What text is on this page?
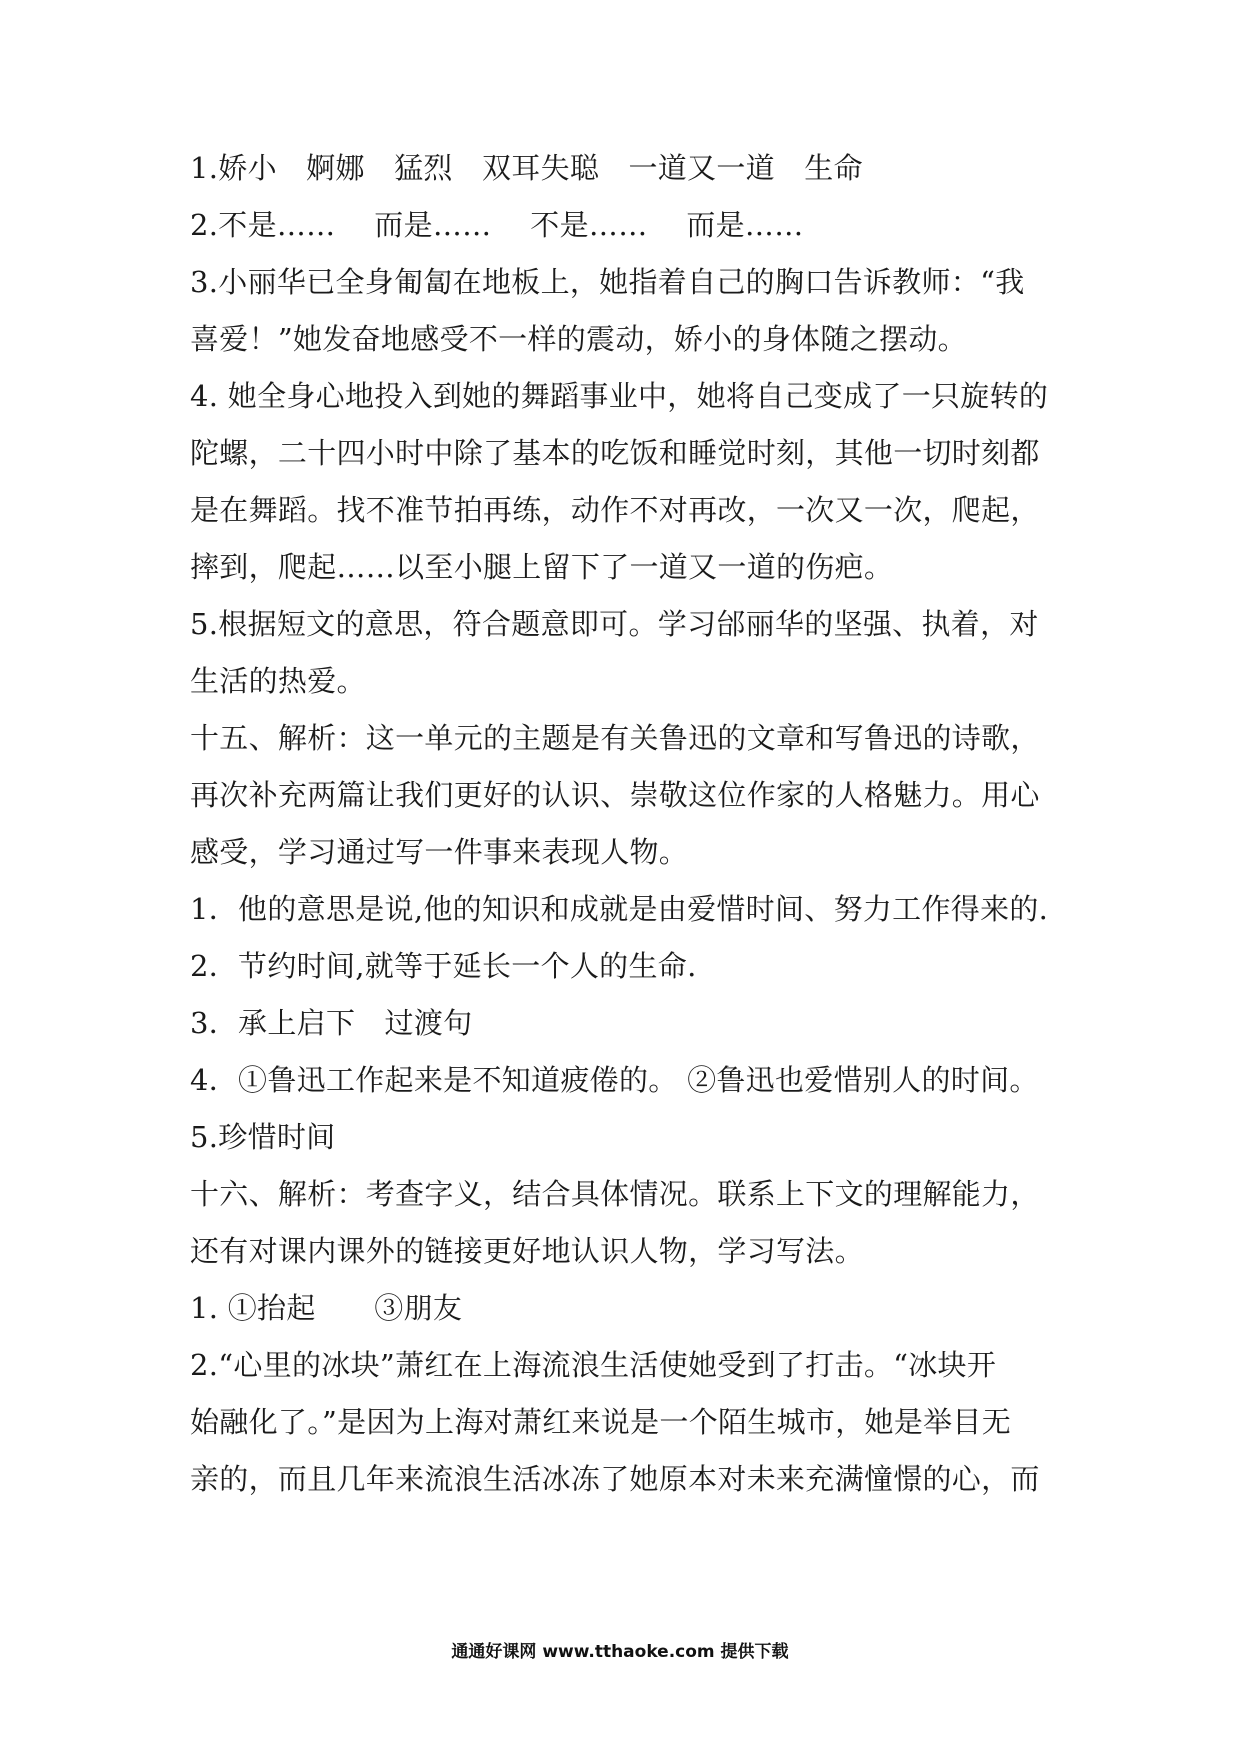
1.娇小　婀娜　猛烈　双耳失聪　一道又一道　生命
2.不是……　 而是……　 不是……　 而是……
3.小丽华已全身匍匐在地板上，她指着自己的胸口告诉教师：“我
喜爱！”她发奋地感受不一样的震动，娇小的身体随之摆动。
4. 她全身心地投入到她的舞蹈事业中，她将自己变成了一只旋转的
陀螺，二十四小时中除了基本的吃饭和睡觉时刻，其他一切时刻都
是在舞蹈。找不准节拍再练，动作不对再改，一次又一次，爬起，
摔到，爬起……以至小腿上留下了一道又一道的伤疤。
5.根据短文的意思，符合题意即可。学习邰丽华的坚强、执着，对
生活的热爱。
十五、解析：这一单元的主题是有关鲁迅的文章和写鲁迅的诗歌，
再次补充两篇让我们更好的认识、崇敬这位作家的人格魅力。用心
感受，学习通过写一件事来表现人物。
1．他的意思是说,他的知识和成就是由爱惜时间、努力工作得来的.
2．节约时间,就等于延长一个人的生命.
3．承上启下　过渡句
4．①鲁迅工作起来是不知道疲倦的。 ②鲁迅也爱惜别人的时间。
5.珍惜时间
十六、解析：考查字义，结合具体情况。联系上下文的理解能力，
还有对课内课外的链接更好地认识人物，学习写法。
1. ①抬起　　③朋友
2.“心里的冰块”萧红在上海流浪生活使她受到了打击。“冰块开
始融化了。”是因为上海对萧红来说是一个陌生城市，她是举目无
亲的，而且几年来流浪生活冰冻了她原本对未来充满憧憬的心，而
通通好课网 www.tthaoke.com 提供下载
